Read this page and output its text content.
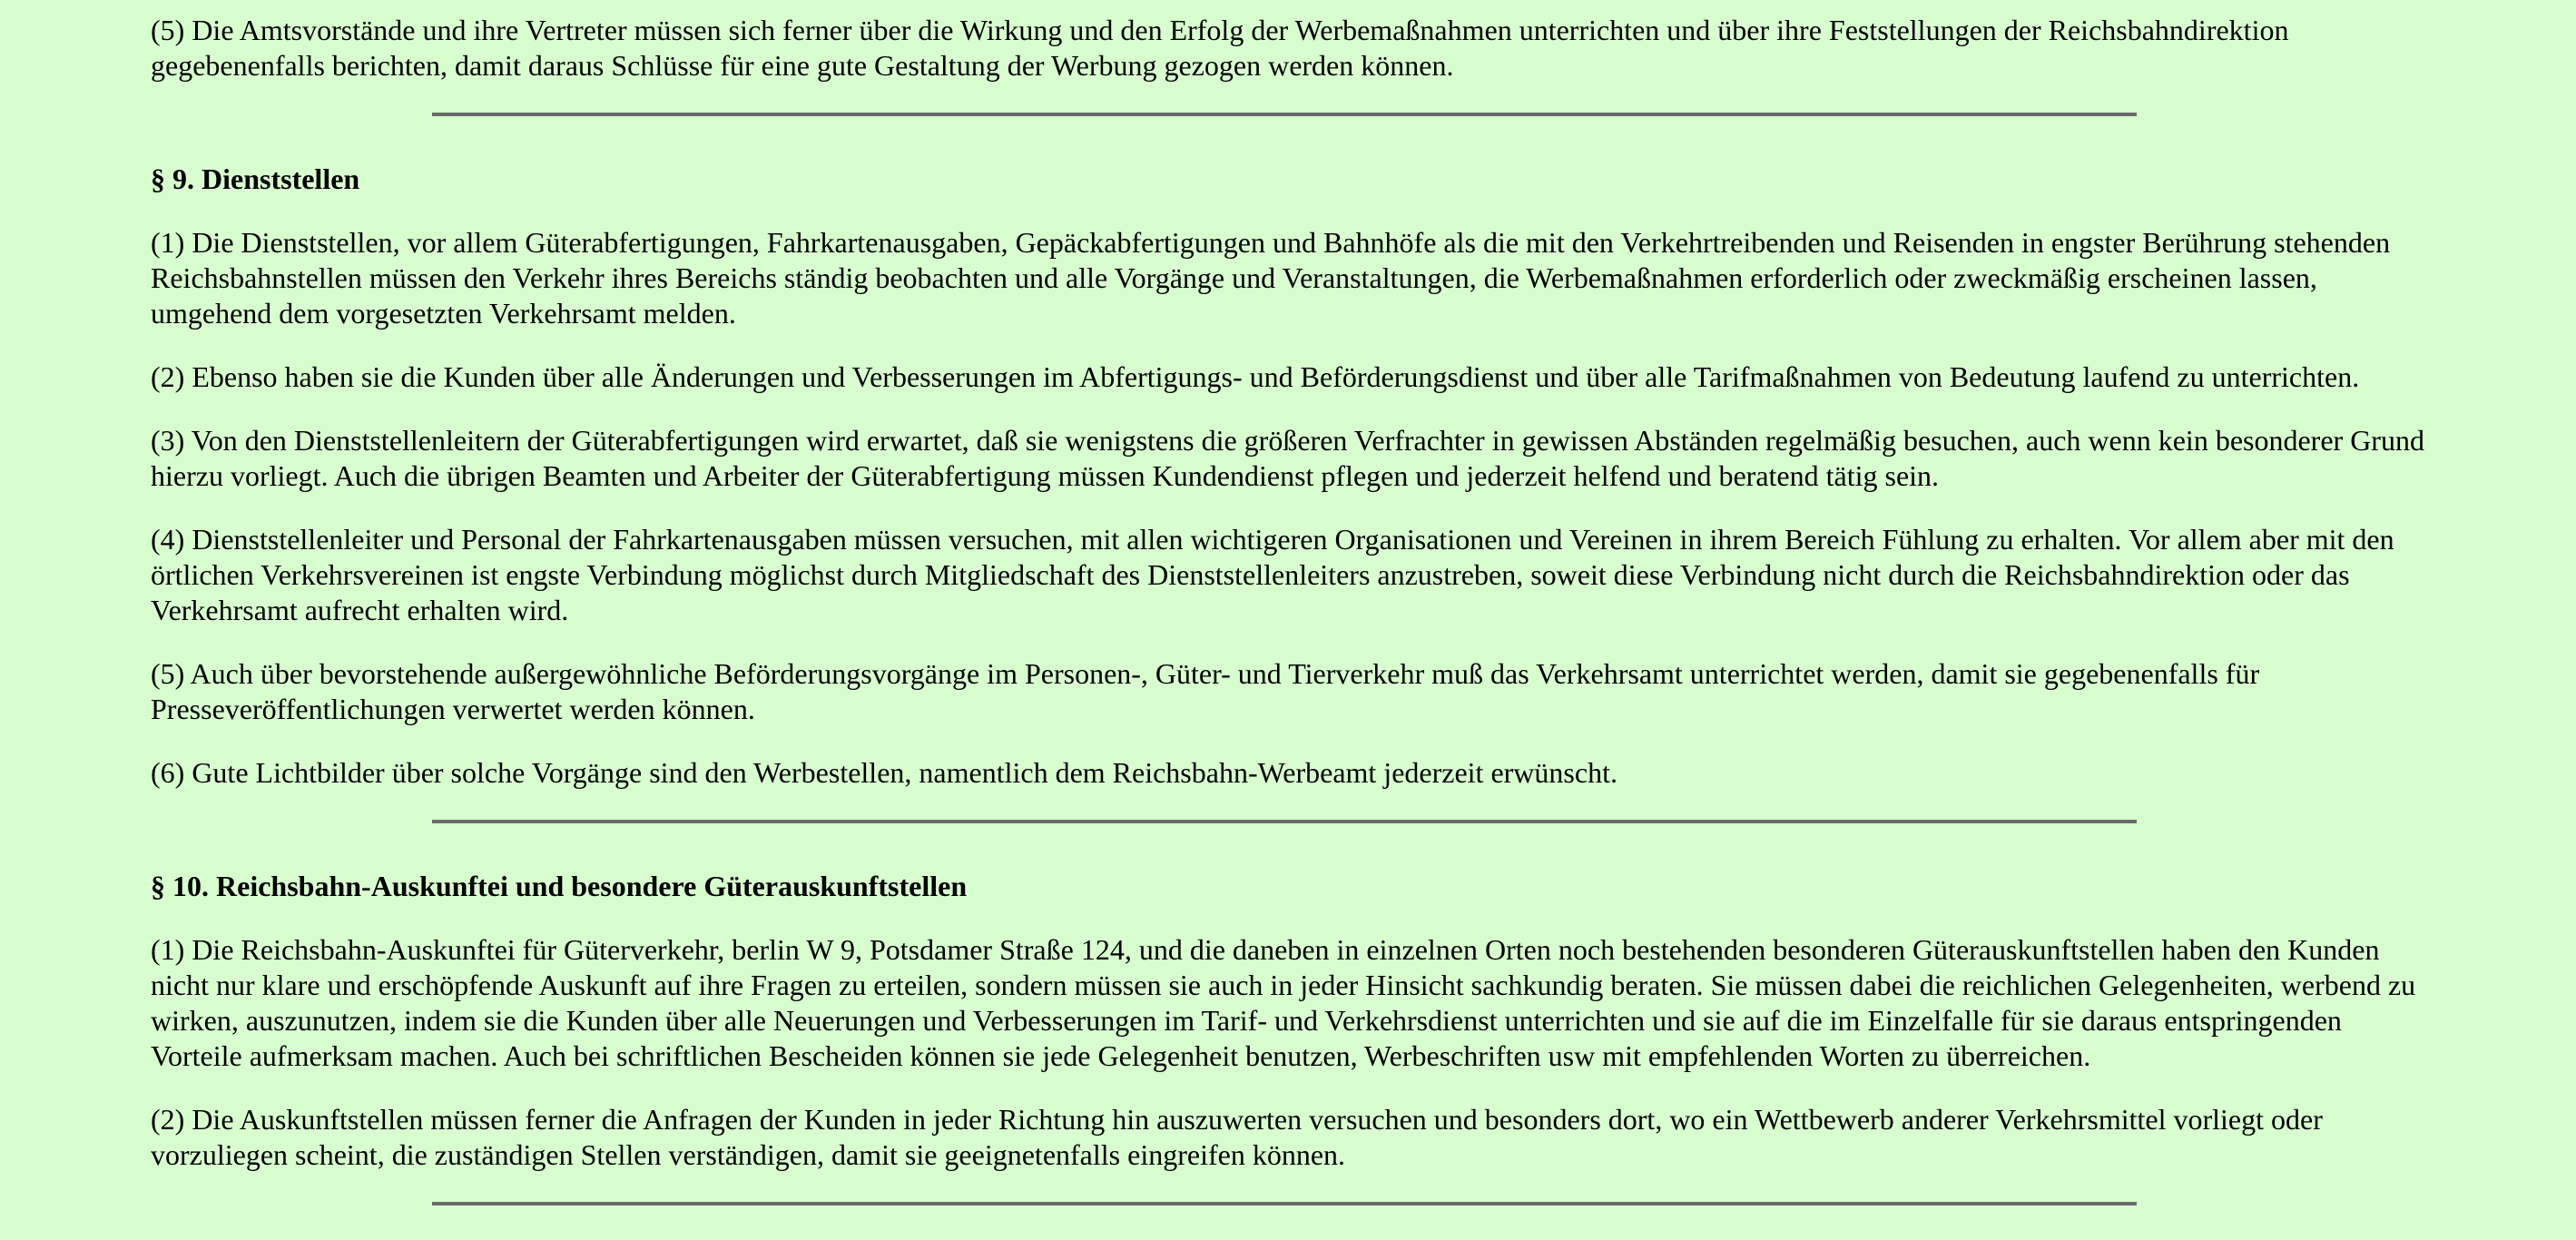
(5) Die Amtsvorstände und ihre Vertreter müssen sich ferner über die Wirkung und den Erfolg der Werbemaßnahmen unterrichten und über ihre Feststellungen der Reichsbahndirektion gegebenenfalls berichten, damit daraus Schlüsse für eine gute Gestaltung der Werbung gezogen werden können.

§ 9. Dienststellen

(1) Die Dienststellen, vor allem Güterabfertigungen, Fahrkartenausgaben, Gepäckabfertigungen und Bahnhöfe als die mit den Verkehrtreibenden und Reisenden in engster Berührung stehenden Reichsbahnstellen müssen den Verkehr ihres Bereichs ständig beobachten und alle Vorgänge und Veranstaltungen, die Werbemaßnahmen erforderlich oder zweckmäßig erscheinen lassen, umgehend dem vorgesetzten Verkehrsamt melden.

(2) Ebenso haben sie die Kunden über alle Änderungen und Verbesserungen im Abfertigungs- und Beförderungsdienst und über alle Tarifmaßnahmen von Bedeutung laufend zu unterrichten.

(3) Von den Dienststellenleitern der Güterabfertigungen wird erwartet, daß sie wenigstens die größeren Verfrachter in gewissen Abständen regelmäßig besuchen, auch wenn kein besonderer Grund hierzu vorliegt. Auch die übrigen Beamten und Arbeiter der Güterabfertigung müssen Kundendienst pflegen und jederzeit helfend und beratend tätig sein.

(4) Dienststellenleiter und Personal der Fahrkartenausgaben müssen versuchen, mit allen wichtigeren Organisationen und Vereinen in ihrem Bereich Fühlung zu erhalten. Vor allem aber mit den örtlichen Verkehrsvereinen ist engste Verbindung möglichst durch Mitgliedschaft des Dienststellenleiters anzustreben, soweit diese Verbindung nicht durch die Reichsbahndirektion oder das Verkehrsamt aufrecht erhalten wird.

(5) Auch über bevorstehende außergewöhnliche Beförderungsvorgänge im Personen-, Güter- und Tierverkehr muß das Verkehrsamt unterrichtet werden, damit sie gegebenenfalls für Presseveröffentlichungen verwertet werden können.

(6) Gute Lichtbilder über solche Vorgänge sind den Werbestellen, namentlich dem Reichsbahn-Werbeamt jederzeit erwünscht.

§ 10. Reichsbahn-Auskunftei und besondere Güterauskunftstellen

(1) Die Reichsbahn-Auskunftei für Güterverkehr, berlin W 9, Potsdamer Straße 124, und die daneben in einzelnen Orten noch bestehenden besonderen Güterauskunftstellen haben den Kunden nicht nur klare und erschöpfende Auskunft auf ihre Fragen zu erteilen, sondern müssen sie auch in jeder Hinsicht sachkundig beraten. Sie müssen dabei die reichlichen Gelegenheiten, werbend zu wirken, auszunutzen, indem sie die Kunden über alle Neuerungen und Verbesserungen im Tarif- und Verkehrsdienst unterrichten und sie auf die im Einzelfalle für sie daraus entspringenden Vorteile aufmerksam machen. Auch bei schriftlichen Bescheiden können sie jede Gelegenheit benutzen, Werbeschriften usw mit empfehlenden Worten zu überreichen.

(2) Die Auskunftstellen müssen ferner die Anfragen der Kunden in jeder Richtung hin auszuwerten versuchen und besonders dort, wo ein Wettbewerb anderer Verkehrsmittel vorliegt oder vorzuliegen scheint, die zuständigen Stellen verständigen, damit sie geeignetenfalls eingreifen können.
